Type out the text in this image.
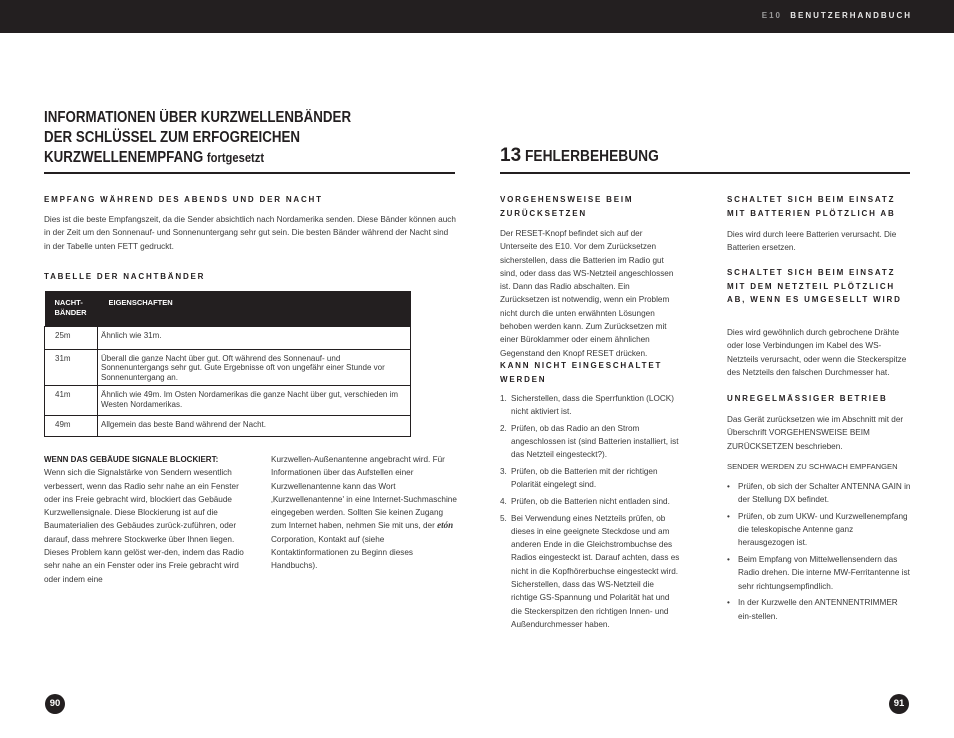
E10 BENUTZERHANDBUCH
INFORMATIONEN ÜBER KURZWELLENBÄNDER
DER SCHLÜSSEL ZUM ERFOGREICHEN
KURZWELLENEMPFANG fortgesetzt
EMPFANG WÄHREND DES ABENDS UND DER NACHT
Dies ist die beste Empfangszeit, da die Sender absichtlich nach Nordamerika senden. Diese Bänder können auch in der Zeit um den Sonnenauf- und Sonnenuntergang sehr gut sein. Die besten Bänder während der Nacht sind in der Tabelle unten FETT gedruckt.
TABELLE DER NACHTBÄNDER
NACHT-
BÄNDER	EIGENSCHAFTEN
25m	Ähnlich wie 31m.
31m	Überall die ganze Nacht über gut. Oft während des Sonnenauf- und Sonnenuntergangs sehr gut. Gute Ergebnisse oft von ungefähr einer Stunde vor Sonnenuntergang an.
41m	Ähnlich wie 49m. Im Osten Nordamerikas die ganze Nacht über gut, verschieden im Westen Nordamerikas.
49m	Allgemein das beste Band während der Nacht.
WENN DAS GEBÄUDE SIGNALE BLOCKIERT:
Wenn sich die Signalstärke von Sendern wesentlich verbessert, wenn das Radio sehr nahe an ein Fenster oder ins Freie gebracht wird, blockiert das Gebäude Kurzwellensignale. Diese Blockierung ist auf die Baumaterialien des Gebäudes zurück-zuführen, oder darauf, dass mehrere Stockwerke über Ihnen liegen. Dieses Problem kann gelöst wer-den, indem das Radio sehr nahe an ein Fenster oder ins Freie gebracht wird oder indem eine
Kurzwellen-Außenantenne angebracht wird. Für Informationen über das Aufstellen einer Kurzwellenantenne kann das Wort ‚Kurzwellenantenne' in eine Internet-Suchmaschine eingegeben werden. Sollten Sie keinen Zugang zum Internet haben, nehmen Sie mit uns, der etón Corporation, Kontakt auf (siehe Kontaktinformationen zu Beginn dieses Handbuchs).
90
13 FEHLERBEHEBUNG
VORGEHENSWEISE BEIM ZURÜCKSETZEN
Der RESET-Knopf befindet sich auf der Unterseite des E10. Vor dem Zurücksetzen sicherstellen, dass die Batterien im Radio gut sind, oder dass das WS-Netzteil angeschlossen ist. Dann das Radio abschalten. Ein Zurücksetzen ist notwendig, wenn ein Problem nicht durch die unten erwähnten Lösungen behoben werden kann. Zum Zurücksetzen mit einer Büroklammer oder einem ähnlichen Gegenstand den Knopf RESET drücken.
KANN NICHT EINGESCHALTET WERDEN
1. Sicherstellen, dass die Sperrfunktion (LOCK) nicht aktiviert ist.
2. Prüfen, ob das Radio an den Strom angeschlossen ist (sind Batterien installiert, ist das Netzteil eingesteckt?).
3. Prüfen, ob die Batterien mit der richtigen Polarität eingelegt sind.
4. Prüfen, ob die Batterien nicht entladen sind.
5. Bei Verwendung eines Netzteils prüfen, ob dieses in eine geeignete Steckdose und am anderen Ende in die Gleichstrombuchse des Radios eingesteckt ist. Darauf achten, dass es nicht in die Kopfhörerbuchse eingesteckt wird. Sicherstellen, dass das WS-Netzteil die richtige GS-Spannung und Polarität hat und die Steckerspitzen den richtigen Innen- und Außendurchmesser haben.
SCHALTET SICH BEIM EINSATZ MIT BATTERIEN PLÖTZLICH AB
Dies wird durch leere Batterien verursacht. Die Batterien ersetzen.
SCHALTET SICH BEIM EINSATZ MIT DEM NETZTEIL PLÖTZLICH AB, WENN ES UMGESELLT WIRD
Dies wird gewöhnlich durch gebrochene Drähte oder lose Verbindungen im Kabel des WS-Netzteils verursacht, oder wenn die Steckerspitze des Netzteils den falschen Durchmesser hat.
UNREGELMÄSSIGER BETRIEB
Das Gerät zurücksetzen wie im Abschnitt mit der Überschrift VORGEHENSWEISE BEIM ZURÜCKSETZEN beschrieben.
SENDER WERDEN ZU SCHWACH EMPFANGEN
• Prüfen, ob sich der Schalter ANTENNA GAIN in der Stellung DX befindet.
• Prüfen, ob zum UKW- und Kurzwellenempfang die teleskopische Antenne ganz herausgezogen ist.
• Beim Empfang von Mittelwellensendern das Radio drehen. Die interne MW-Ferritantenne ist sehr richtungsempfindlich.
• In der Kurzwelle den ANTENNENTRIMMER ein-stellen.
91
